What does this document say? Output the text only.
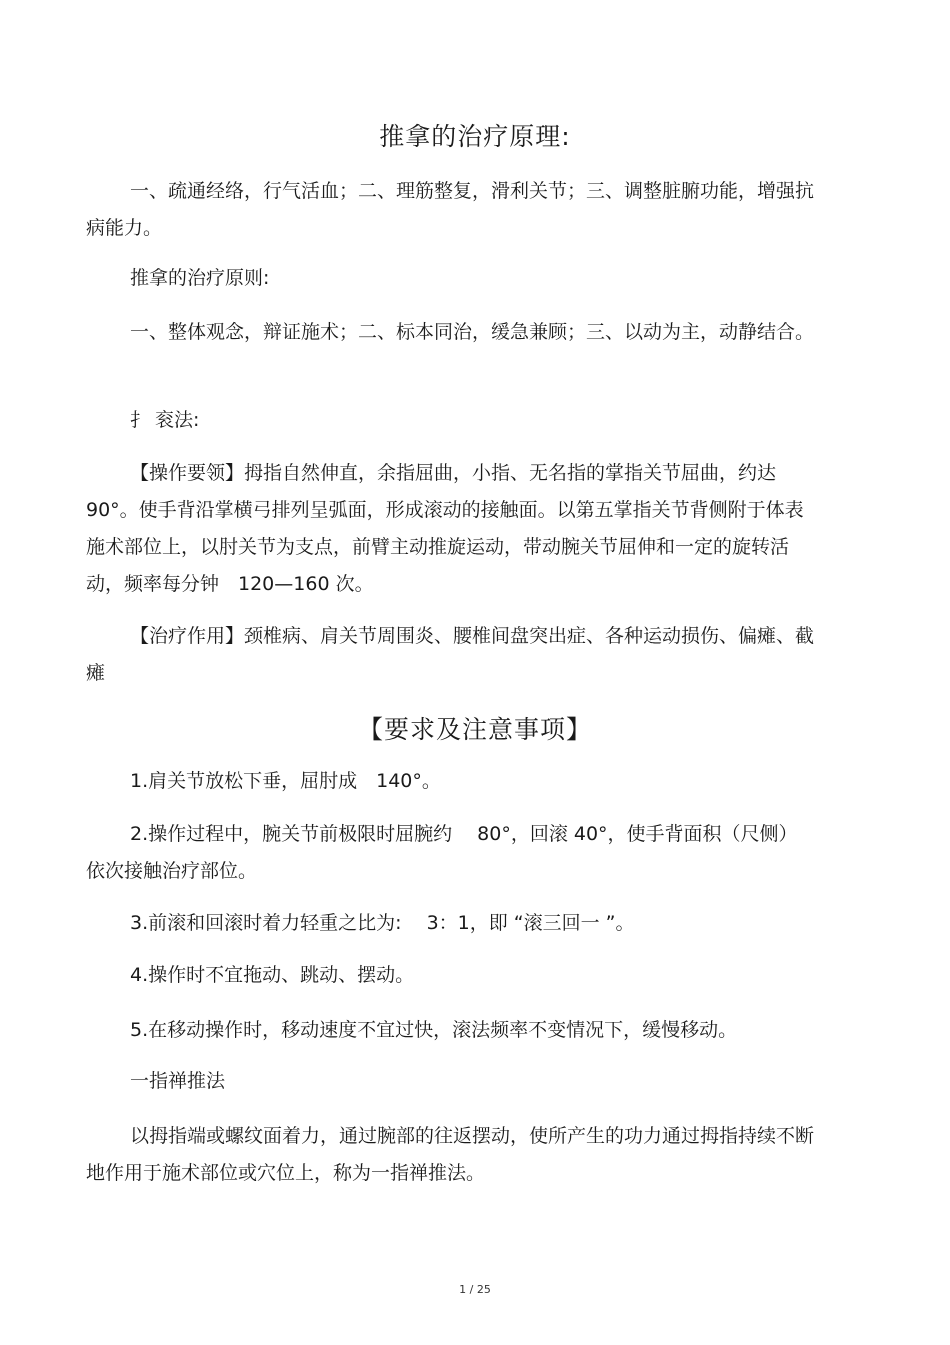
推拿的治疗原理:

一、疏通经络，行气活血；二、理筋整复，滑利关节；三、调整脏腑功能，增强抗病能力。

推拿的治疗原则:

一、整体观念，辩证施术；二、标本同治，缓急兼顾；三、以动为主，动静结合。

扌 衮法:

【操作要领】拇指自然伸直，余指屈曲，小指、无名指的掌指关节屈曲，约达 90°。使手背沿掌横弓排列呈弧面，形成滚动的接触面。以第五掌指关节背侧附于体表施术部位上，以肘关节为支点，前臂主动推旋运动，带动腕关节屈伸和一定的旋转活动，频率每分钟　120—160 次。

【治疗作用】颈椎病、肩关节周围炎、腰椎间盘突出症、各种运动损伤、偏瘫、截瘫

【要求及注意事项】

1.肩关节放松下垂，屈肘成　140°。

2.操作过程中，腕关节前极限时屈腕约　 80°，回滚 40°，使手背面积（尺侧）依次接触治疗部位。

3.前滚和回滚时着力轻重之比为:　 3：1，即 “滚三回一 ”。

4.操作时不宜拖动、跳动、摆动。

5.在移动操作时，移动速度不宜过快，滚法频率不变情况下，缓慢移动。

一指禅推法

以拇指端或螺纹面着力，通过腕部的往返摆动，使所产生的功力通过拇指持续不断地作用于施术部位或穴位上，称为一指禅推法。

1 / 25
